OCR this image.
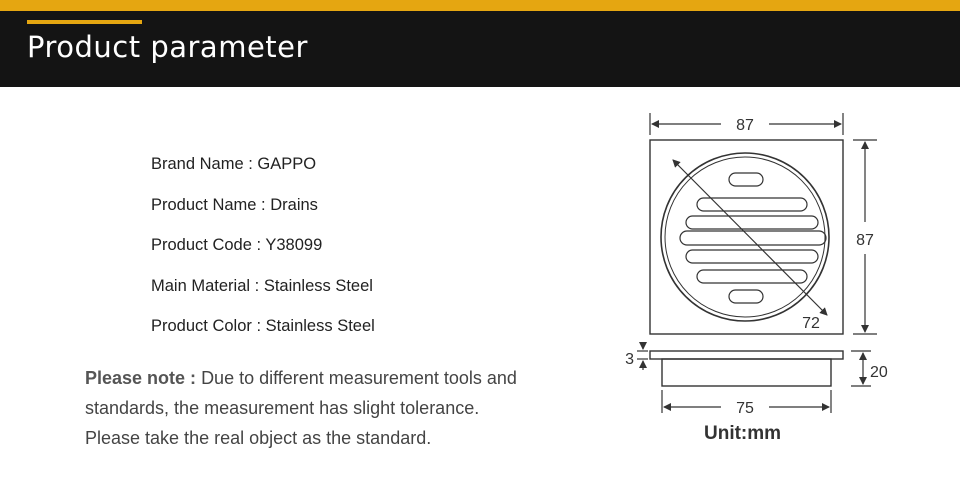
Product parameter
Brand Name : GAPPO
Product Name : Drains
Product Code : Y38099
Main Material : Stainless Steel
Product Color : Stainless Steel
Please note : Due to different measurement tools and
standards, the measurement has slight tolerance.
Please take the real object as the standard.
87
87
72
3
20
75
Unit:mm
